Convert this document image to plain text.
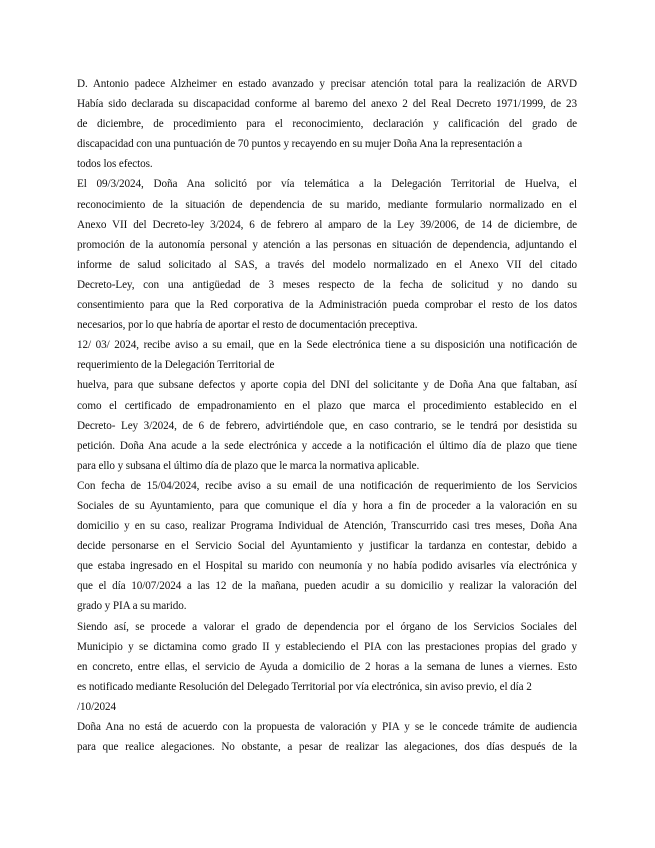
D. Antonio padece Alzheimer en estado avanzado y precisar atención total para la realización de ARVD

Había sido declarada su discapacidad conforme al baremo del anexo 2 del Real Decreto 1971/1999, de 23

de diciembre, de procedimiento para el reconocimiento, declaración y calificación del grado de

discapacidad con una puntuación de 70 puntos y recayendo en su mujer Doña Ana la representación a

todos los efectos.

El 09/3/2024, Doña Ana solicitó por vía telemática a la Delegación Territorial de Huelva, el

reconocimiento de la situación de dependencia de su marido, mediante formulario normalizado en el

Anexo VII del Decreto-ley 3/2024, 6 de febrero al amparo de la Ley 39/2006, de 14 de diciembre, de

promoción de la autonomía personal y atención a las personas en situación de dependencia, adjuntando el

informe de salud solicitado al SAS, a través del modelo normalizado en el Anexo VII del citado

Decreto-Ley, con una antigüedad de 3 meses respecto de la fecha de solicitud y no dando su

consentimiento para que la Red corporativa de la Administración pueda comprobar el resto de los datos

necesarios, por lo que habría de aportar el resto de documentación preceptiva.

12/ 03/ 2024, recibe aviso a su email, que en la Sede electrónica tiene a su disposición una notificación de

requerimiento de la Delegación Territorial de

huelva, para que subsane defectos y aporte copia del DNI del solicitante y de Doña Ana que faltaban, así

como el certificado de empadronamiento en el plazo que marca el procedimiento establecido en el

Decreto- Ley 3/2024, de 6 de febrero, advirtiéndole que, en caso contrario, se le tendrá por desistida su

petición. Doña Ana acude a la sede electrónica y accede a la notificación el último día de plazo que tiene

para ello y subsana el último día de plazo que le marca la normativa aplicable.

Con fecha de 15/04/2024, recibe aviso a su email de una notificación de requerimiento de los Servicios

Sociales de su Ayuntamiento, para que comunique el día y hora a fin de proceder a la valoración en su

domicilio y en su caso, realizar Programa Individual de Atención, Transcurrido casi tres meses, Doña Ana

decide personarse en el Servicio Social del Ayuntamiento y justificar la tardanza en contestar, debido a

que estaba ingresado en el Hospital su marido con neumonía y no había podido avisarles vía electrónica y

que el día 10/07/2024 a las 12 de la mañana, pueden acudir a su domicilio y realizar la valoración del

grado y PIA a su marido.

Siendo así, se procede a valorar el grado de dependencia por el órgano de los Servicios Sociales del

Municipio y se dictamina como grado II y estableciendo el PIA con las prestaciones propias del grado y

en concreto, entre ellas, el servicio de Ayuda a domicilio de 2 horas a la semana de lunes a viernes. Esto

es notificado mediante Resolución del Delegado Territorial por vía electrónica, sin aviso previo, el día 2

/10/2024

Doña Ana no está de acuerdo con la propuesta de valoración y PIA y se le concede trámite de audiencia

para que realice alegaciones. No obstante, a pesar de realizar las alegaciones, dos días después de la
